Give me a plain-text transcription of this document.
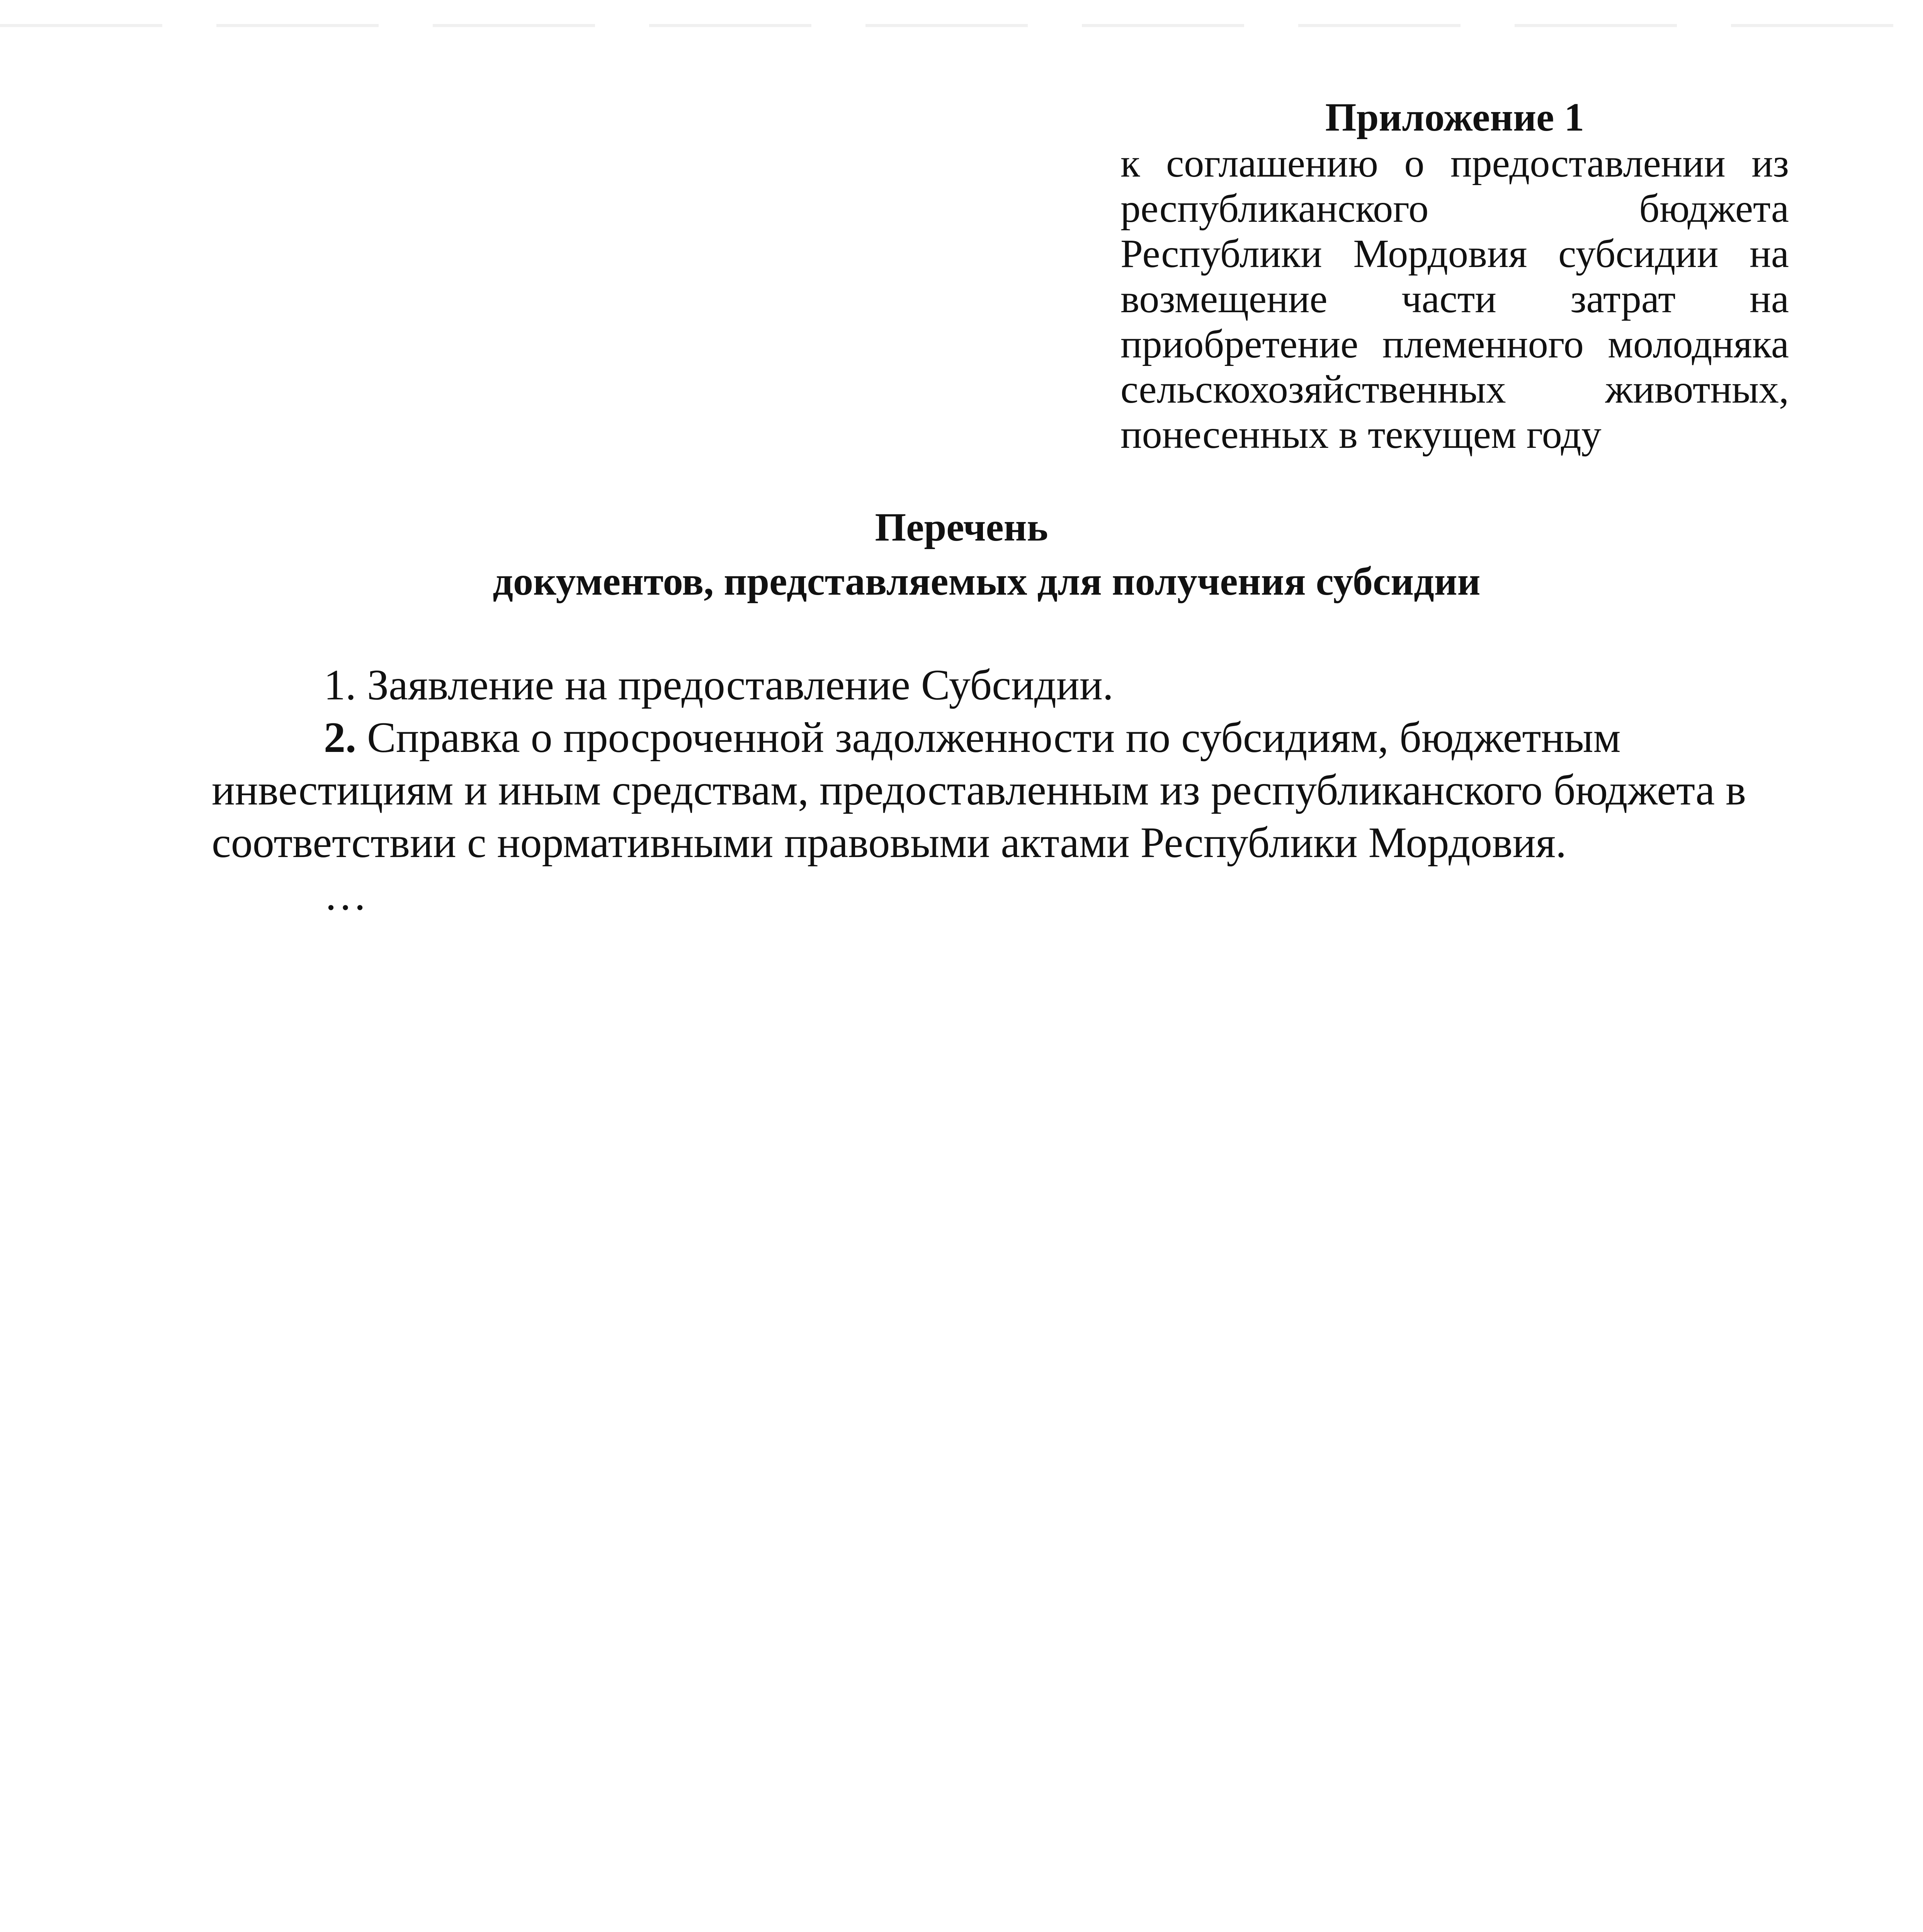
Приложение 1
к соглашению о предоставлении из республиканского бюджета Республики Мордовия субсидии на возмещение части затрат на приобретение племенного молодняка сельскохозяйственных животных, понесенных в текущем году
Перечень
документов, представляемых для получения субсидии

1. Заявление на предоставление Субсидии.

2. Справка о просроченной задолженности по субсидиям, бюджетным инвестициям и иным средствам, предоставленным из республиканского бюджета в соответствии с нормативными правовыми актами Республики Мордовия.

…
